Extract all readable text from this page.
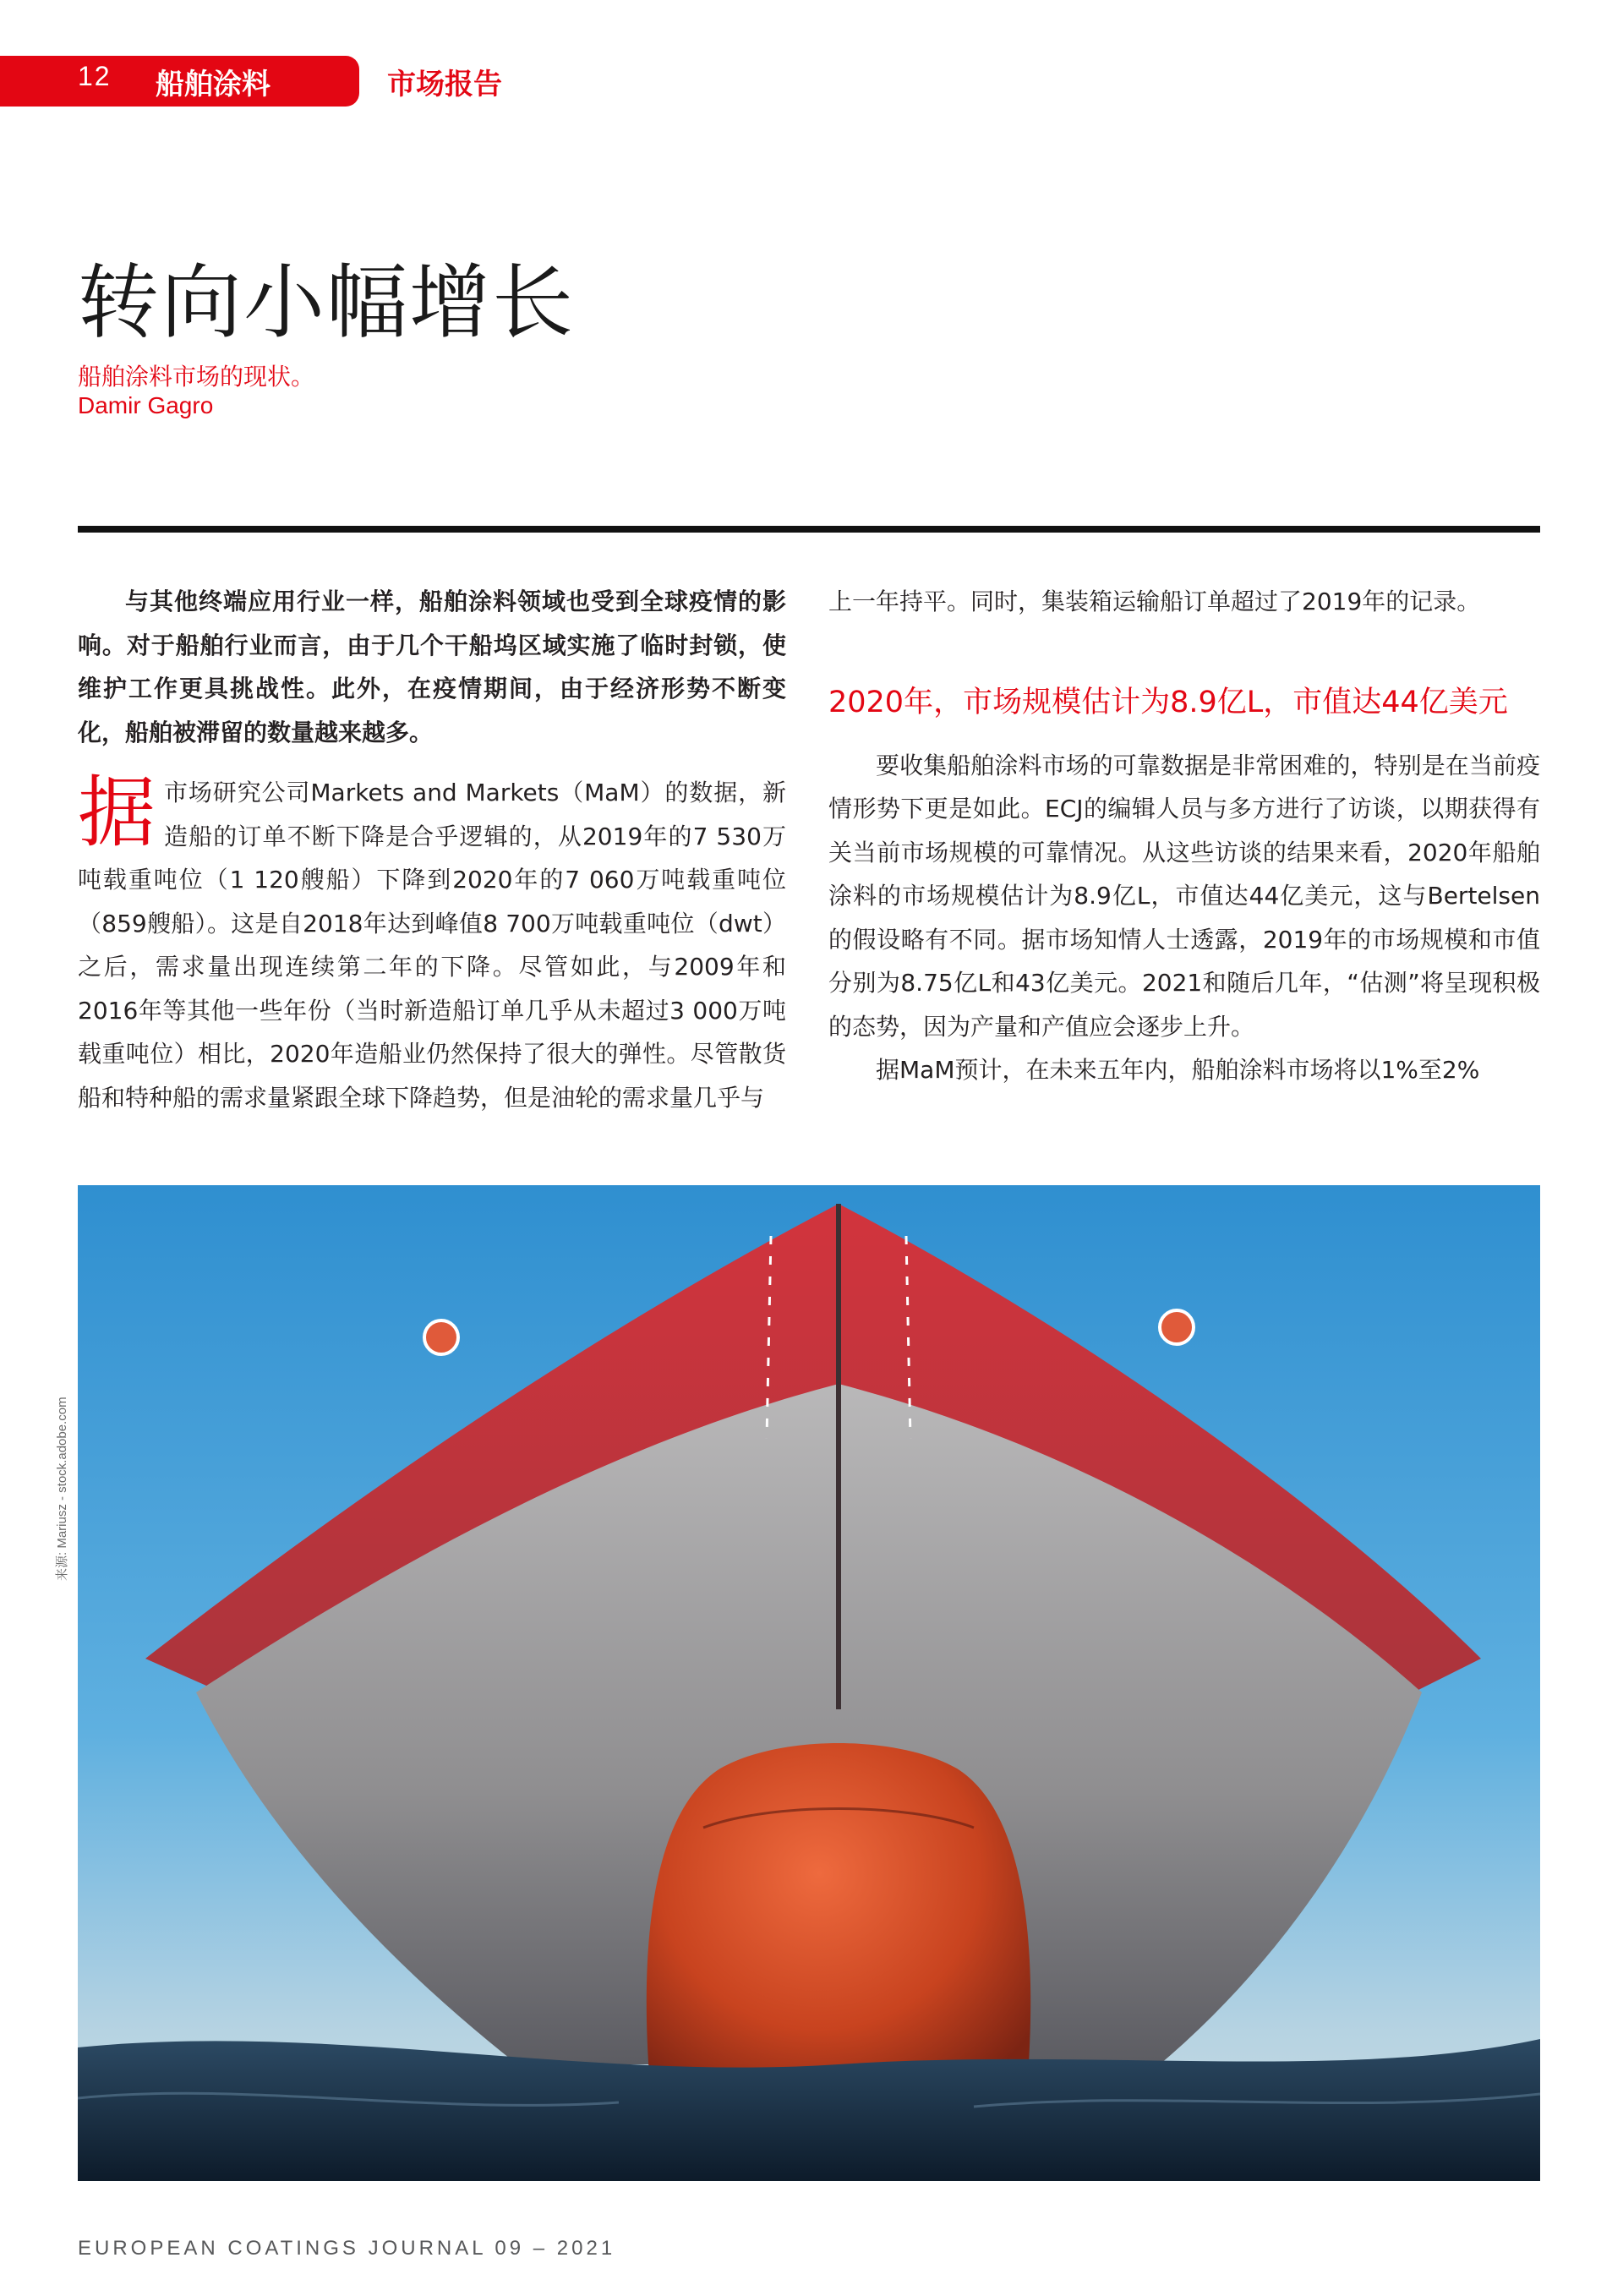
12 船舶涂料	市场报告
转向小幅增长
船舶涂料市场的现状。
Damir Gagro

与其他终端应用行业一样，船舶涂料领域也受到全球疫情的影响。对于船舶行业而言，由于几个干船坞区域实施了临时封锁，使维护工作更具挑战性。此外，在疫情期间，由于经济形势不断变化，船舶被滞留的数量越来越多。

据市场研究公司Markets and Markets（MaM）的数据，新造船的订单不断下降是合乎逻辑的，从2019年的7 530万吨载重吨位（1 120艘船）下降到2020年的7 060万吨载重吨位（859艘船）。这是自2018年达到峰值8 700万吨载重吨位（dwt）之后，需求量出现连续第二年的下降。尽管如此，与2009年和2016年等其他一些年份（当时新造船订单几乎从未超过3 000万吨载重吨位）相比，2020年造船业仍然保持了很大的弹性。尽管散货船和特种船的需求量紧跟全球下降趋势，但是油轮的需求量几乎与

上一年持平。同时，集装箱运输船订单超过了2019年的记录。

2020年，市场规模估计为8.9亿L，市值达44亿美元

要收集船舶涂料市场的可靠数据是非常困难的，特别是在当前疫情形势下更是如此。ECJ的编辑人员与多方进行了访谈，以期获得有关当前市场规模的可靠情况。从这些访谈的结果来看，2020年船舶涂料的市场规模估计为8.9亿L，市值达44亿美元，这与Bertelsen的假设略有不同。据市场知情人士透露，2019年的市场规模和市值分别为8.75亿L和43亿美元。2021和随后几年，“估测”将呈现积极的态势，因为产量和产值应会逐步上升。

据MaM预计，在未来五年内，船舶涂料市场将以1%至2%

来源: Mariusz - stock.adobe.com
EUROPEAN COATINGS JOURNAL 09 – 2021
